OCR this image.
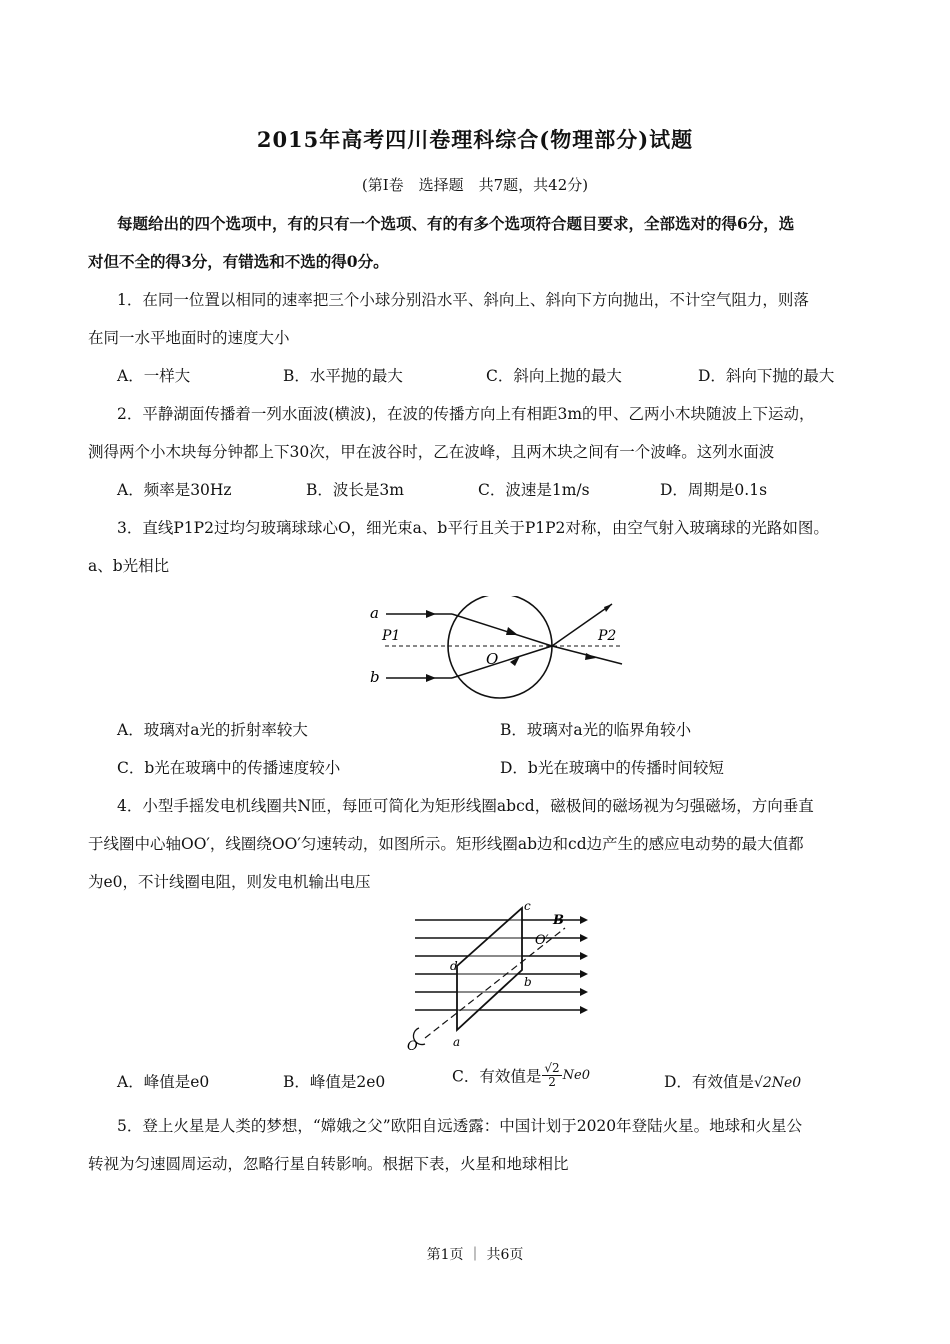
2015年高考四川卷理科综合(物理部分)试题
(第Ⅰ卷　选择题　共7题，共42分)
每题给出的四个选项中，有的只有一个选项、有的有多个选项符合题目要求，全部选对的得6分，选
对但不全的得3分，有错选和不选的得0分。
1．在同一位置以相同的速率把三个小球分别沿水平、斜向上、斜向下方向抛出，不计空气阻力，则落
在同一水平地面时的速度大小
A．一样大	B．水平抛的最大	C．斜向上抛的最大	D．斜向下抛的最大
2．平静湖面传播着一列水面波(横波)，在波的传播方向上有相距3m的甲、乙两小木块随波上下运动，
测得两个小木块每分钟都上下30次，甲在波谷时，乙在波峰，且两木块之间有一个波峰。这列水面波
A．频率是30Hz	B．波长是3m	C．波速是1m/s	D．周期是0.1s
3．直线P1P2过均匀玻璃球球心O，细光束a、b平行且关于P1P2对称，由空气射入玻璃球的光路如图。
a、b光相比
a
b
P1	P2
O
A．玻璃对a光的折射率较大	B．玻璃对a光的临界角较小
C．b光在玻璃中的传播速度较小	D．b光在玻璃中的传播时间较短
4．小型手摇发电机线圈共N匝，每匝可简化为矩形线圈abcd，磁极间的磁场视为匀强磁场，方向垂直
于线圈中心轴OO′，线圈绕OO′匀速转动，如图所示。矩形线圈ab边和cd边产生的感应电动势的最大值都
为e0，不计线圈电阻，则发电机输出电压
c
B
O′
d
b
O	a
A．峰值是e0	B．峰值是2e0	C．有效值是 $\frac{√2}{2} Ne0$	D．有效值是√2Ne0
5．登上火星是人类的梦想，“嫦娥之父”欧阳自远透露：中国计划于2020年登陆火星。地球和火星公
转视为匀速圆周运动，忽略行星自转影响。根据下表，火星和地球相比
第1页 ｜ 共6页
